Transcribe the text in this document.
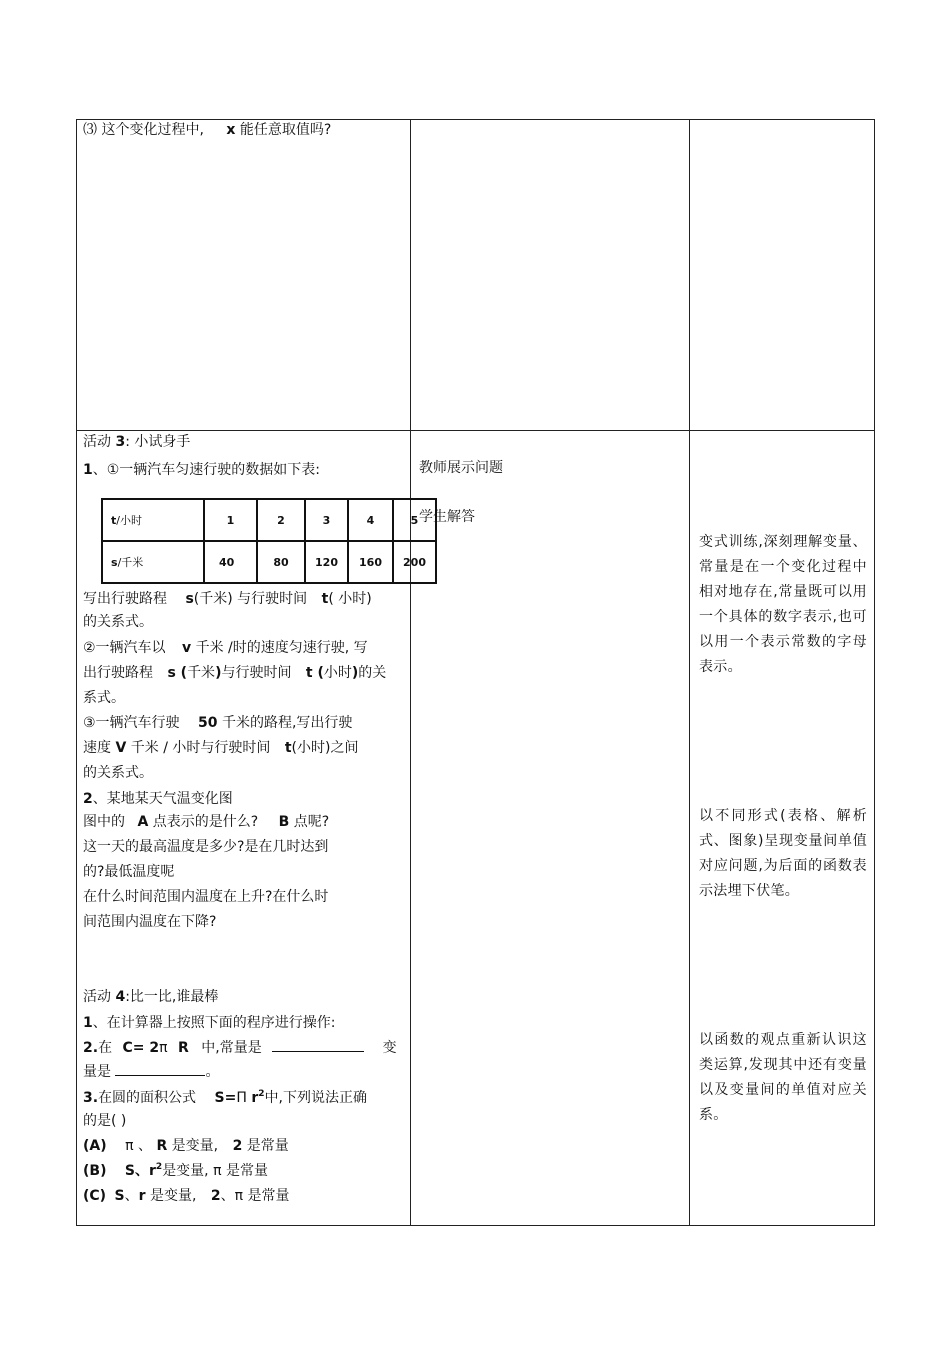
⑶ 这个变化过程中, x 能任意取值吗?
活动 3: 小试身手
1、①一辆汽车匀速行驶的数据如下表:
t/小时	1	2	3	4	5
s/千米	40	80	120	160	200
写出行驶路程 s(千米) 与行驶时间 t( 小时)
的关系式。
②一辆汽车以 v 千米 /时的速度匀速行驶, 写
出行驶路程 s (千米)与行驶时间 t (小时)的关
系式。
③一辆汽车行驶 50 千米的路程,写出行驶
速度 V 千米 / 小时与行驶时间 t(小时)之间
的关系式。
2、某地某天气温变化图
图中的 A 点表示的是什么? B 点呢?
这一天的最高温度是多少?是在几时达到
的?最低温度呢
在什么时间范围内温度在上升?在什么时
间范围内温度在下降?
教师展示问题
学生解答
变式训练,深刻理解变量、常量是在一个变化过程中相对地存在,常量既可以用一个具体的数字表示,也可以用一个表示常数的字母表示。
以不同形式(表格、解析式、图象)呈现变量间单值对应问题,为后面的函数表示法埋下伏笔。
以函数的观点重新认识这类运算,发现其中还有变量以及变量间的单值对应关系。
活动 4:比一比,谁最棒
1、在计算器上按照下面的程序进行操作:
2.在 C= 2π R 中,常量是	变
量是	。
3.在圆的面积公式 S=Π $r^2$中,下列说法正确
的是( )
(A) π 、 R 是变量, 2 是常量
(B) S、$r^2$是变量, π 是常量
(C) S、r 是变量, 2、π 是常量
